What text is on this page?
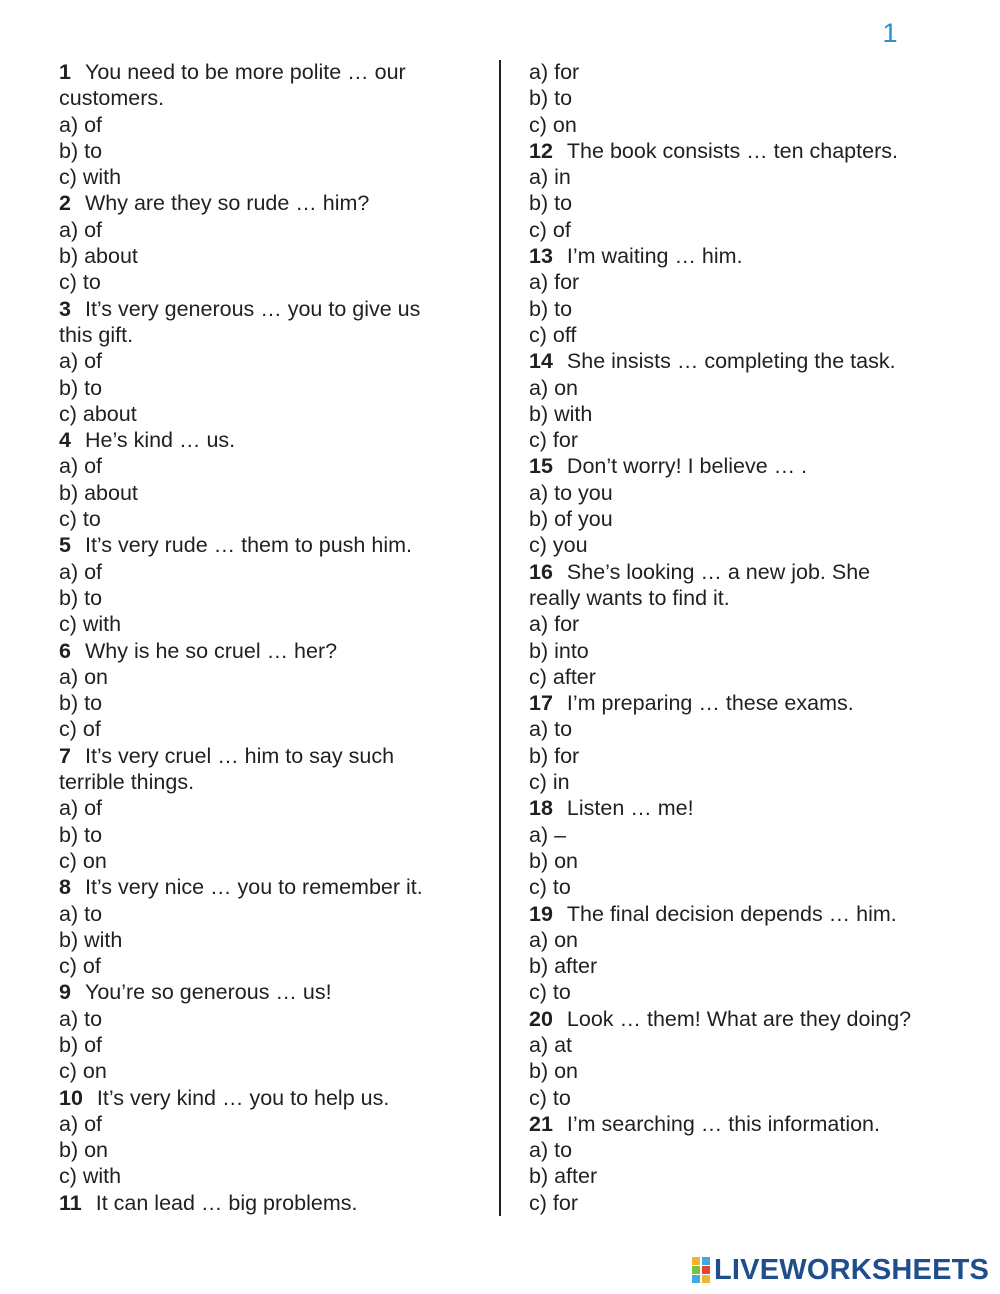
1
1 You need to be more polite … our
customers.
a) of
b) to
c) with
2 Why are they so rude … him?
a) of
b) about
c) to
3 It’s very generous … you to give us
this gift.
a) of
b) to
c) about
4 He’s kind … us.
a) of
b) about
c) to
5 It’s very rude … them to push him.
a) of
b) to
c) with
6 Why is he so cruel … her?
a) on
b) to
c) of
7 It’s very cruel … him to say such
terrible things.
a) of
b) to
c) on
8 It’s very nice … you to remember it.
a) to
b) with
c) of
9 You’re so generous … us!
a) to
b) of
c) on
10 It’s very kind … you to help us.
a) of
b) on
c) with
11 It can lead … big problems.
a) for
b) to
c) on
12 The book consists … ten chapters.
a) in
b) to
c) of
13 I’m waiting … him.
a) for
b) to
c) off
14 She insists … completing the task.
a) on
b) with
c) for
15 Don’t worry! I believe … .
a) to you
b) of you
c) you
16 She’s looking … a new job. She
really wants to find it.
a) for
b) into
c) after
17 I’m preparing … these exams.
a) to
b) for
c) in
18 Listen … me!
a) –
b) on
c) to
19 The final decision depends … him.
a) on
b) after
c) to
20 Look … them! What are they doing?
a) at
b) on
c) to
21 I’m searching … this information.
a) to
b) after
c) for
LIVEWORKSHEETS
